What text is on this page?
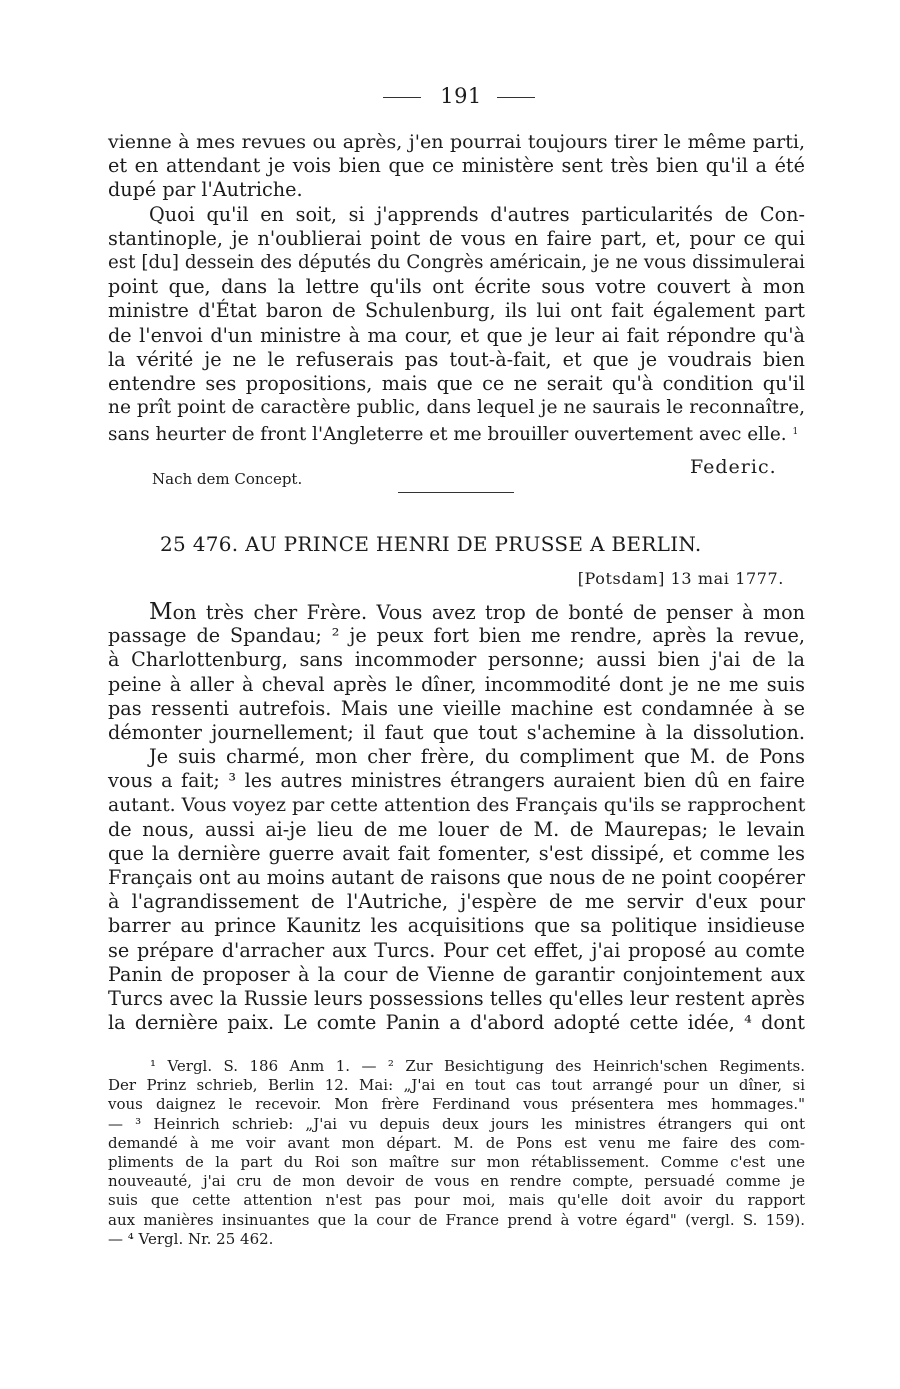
191
vienne à mes revues ou après, j'en pourrai toujours tirer le même parti,
et en attendant je vois bien que ce ministère sent très bien qu'il a été
dupé par l'Autriche.
Quoi qu'il en soit, si j'apprends d'autres particularités de Con-
stantinople, je n'oublierai point de vous en faire part, et, pour ce qui
est [du] dessein des députés du Congrès américain, je ne vous dissimulerai
point que, dans la lettre qu'ils ont écrite sous votre couvert à mon
ministre d'État baron de Schulenburg, ils lui ont fait également part
de l'envoi d'un ministre à ma cour, et que je leur ai fait répondre qu'à
la vérité je ne le refuserais pas tout-à-fait, et que je voudrais bien
entendre ses propositions, mais que ce ne serait qu'à condition qu'il
ne prît point de caractère public, dans lequel je ne saurais le reconnaître,
sans heurter de front l'Angleterre et me brouiller ouvertement avec elle. $^1$
Federic.
Nach dem Concept.
25 476. AU PRINCE HENRI DE PRUSSE A BERLIN.
[Potsdam] 13 mai 1777.
Mon très cher Frère. Vous avez trop de bonté de penser à mon
passage de Spandau; ² je peux fort bien me rendre, après la revue,
à Charlottenburg, sans incommoder personne; aussi bien j'ai de la
peine à aller à cheval après le dîner, incommodité dont je ne me suis
pas ressenti autrefois. Mais une vieille machine est condamnée à se
démonter journellement; il faut que tout s'achemine à la dissolution.
Je suis charmé, mon cher frère, du compliment que M. de Pons
vous a fait; ³ les autres ministres étrangers auraient bien dû en faire
autant. Vous voyez par cette attention des Français qu'ils se rapprochent
de nous, aussi ai-je lieu de me louer de M. de Maurepas; le levain
que la dernière guerre avait fait fomenter, s'est dissipé, et comme les
Français ont au moins autant de raisons que nous de ne point coopérer
à l'agrandissement de l'Autriche, j'espère de me servir d'eux pour
barrer au prince Kaunitz les acquisitions que sa politique insidieuse
se prépare d'arracher aux Turcs. Pour cet effet, j'ai proposé au comte
Panin de proposer à la cour de Vienne de garantir conjointement aux
Turcs avec la Russie leurs possessions telles qu'elles leur restent après
la dernière paix. Le comte Panin a d'abord adopté cette idée, ⁴ dont
¹ Vergl. S. 186 Anm 1. — ² Zur Besichtigung des Heinrich'schen Regiments.
Der Prinz schrieb, Berlin 12. Mai: „J'ai en tout cas tout arrangé pour un dîner, si
vous daignez le recevoir. Mon frère Ferdinand vous présentera mes hommages."
— ³ Heinrich schrieb: „J'ai vu depuis deux jours les ministres étrangers qui ont
demandé à me voir avant mon départ. M. de Pons est venu me faire des com-
pliments de la part du Roi son maître sur mon rétablissement. Comme c'est une
nouveauté, j'ai cru de mon devoir de vous en rendre compte, persuadé comme je
suis que cette attention n'est pas pour moi, mais qu'elle doit avoir du rapport
aux manières insinuantes que la cour de France prend à votre égard" (vergl. S. 159).
— ⁴ Vergl. Nr. 25 462.
